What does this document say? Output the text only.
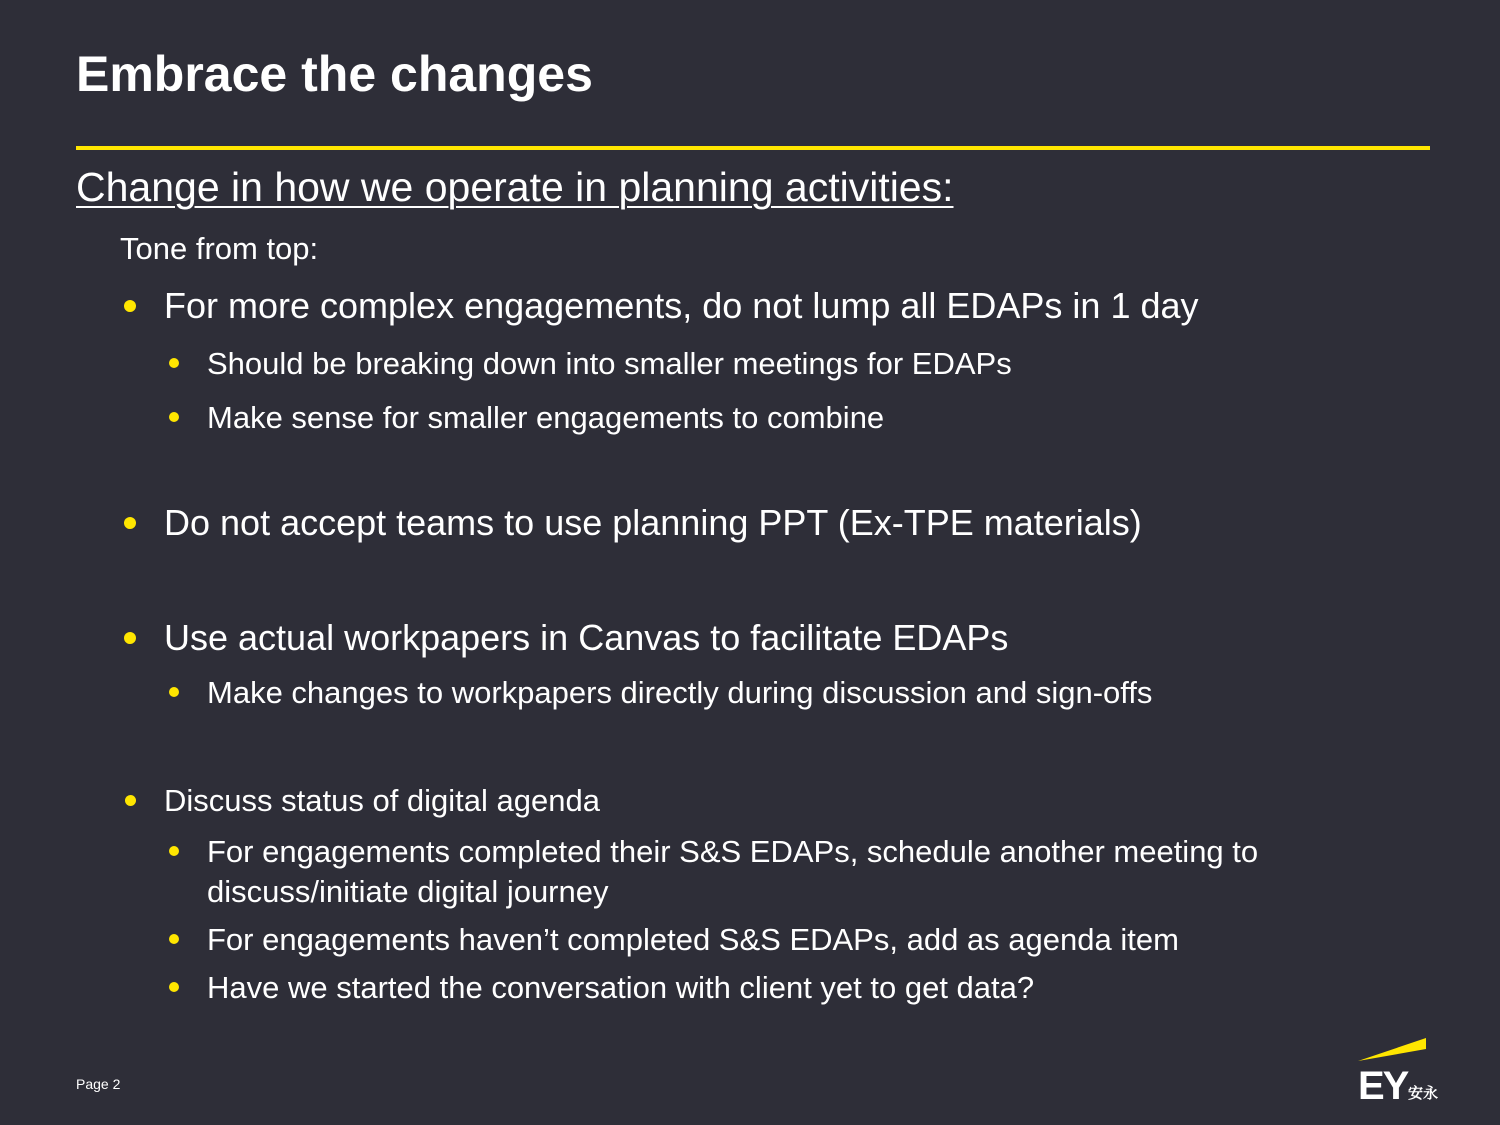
Embrace the changes
Change in how we operate in planning activities:
Tone from top:
For more complex engagements, do not lump all EDAPs in 1 day
Should be breaking down into smaller meetings for EDAPs
Make sense for smaller engagements to combine
Do not accept teams to use planning PPT (Ex-TPE materials)
Use actual workpapers in Canvas to facilitate EDAPs
Make changes to workpapers directly during discussion and sign-offs
Discuss status of digital agenda
For engagements completed their S&S EDAPs, schedule another meeting to discuss/initiate digital journey
For engagements haven’t completed S&S EDAPs, add as agenda item
Have we started the conversation with client yet to get data?
Page 2	EY 安永
